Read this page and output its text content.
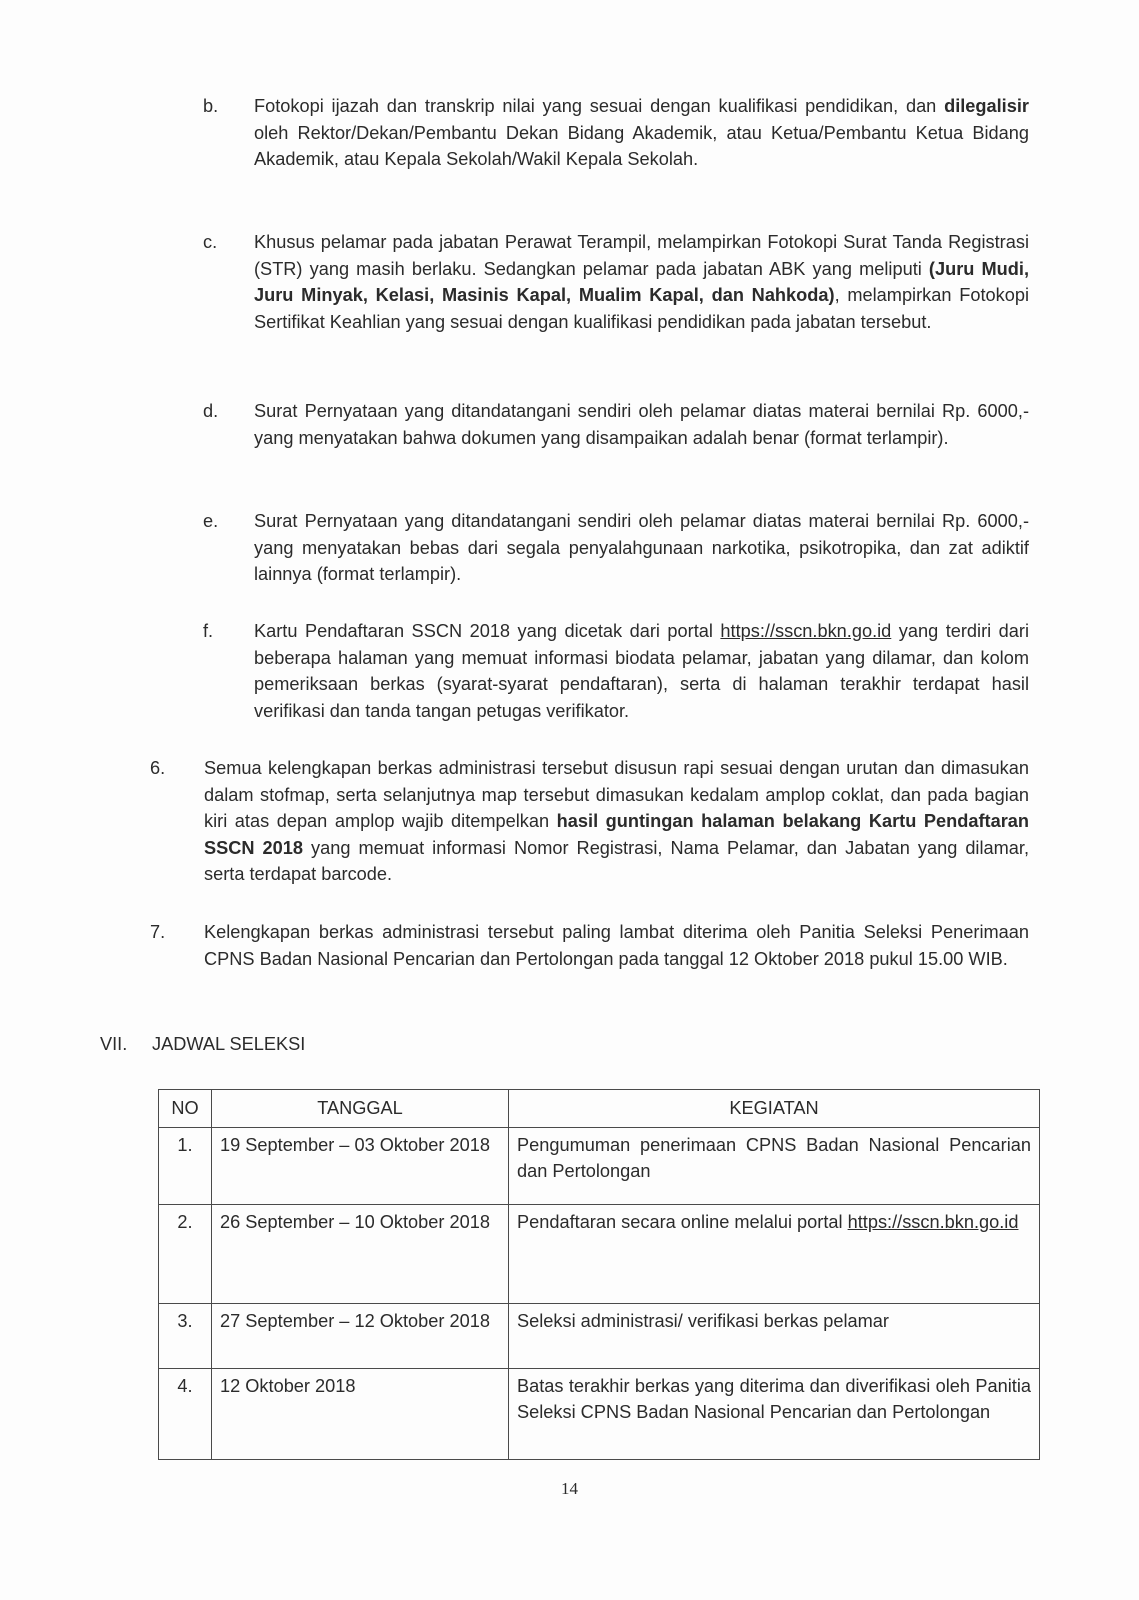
b.	Fotokopi ijazah dan transkrip nilai yang sesuai dengan kualifikasi pendidikan, dan dilegalisir oleh Rektor/Dekan/Pembantu Dekan Bidang Akademik, atau Ketua/Pembantu Ketua Bidang Akademik, atau Kepala Sekolah/Wakil Kepala Sekolah.
c.	Khusus pelamar pada jabatan Perawat Terampil, melampirkan Fotokopi Surat Tanda Registrasi (STR) yang masih berlaku. Sedangkan pelamar pada jabatan ABK yang meliputi (Juru Mudi, Juru Minyak, Kelasi, Masinis Kapal, Mualim Kapal, dan Nahkoda), melampirkan Fotokopi Sertifikat Keahlian yang sesuai dengan kualifikasi pendidikan pada jabatan tersebut.
d.	Surat Pernyataan yang ditandatangani sendiri oleh pelamar diatas materai bernilai Rp. 6000,- yang menyatakan bahwa dokumen yang disampaikan adalah benar (format terlampir).
e.	Surat Pernyataan yang ditandatangani sendiri oleh pelamar diatas materai bernilai Rp. 6000,- yang menyatakan bebas dari segala penyalahgunaan narkotika, psikotropika, dan zat adiktif lainnya (format terlampir).
f.	Kartu Pendaftaran SSCN 2018 yang dicetak dari portal https://sscn.bkn.go.id yang terdiri dari beberapa halaman yang memuat informasi biodata pelamar, jabatan yang dilamar, dan kolom pemeriksaan berkas (syarat-syarat pendaftaran), serta di halaman terakhir terdapat hasil verifikasi dan tanda tangan petugas verifikator.
6.	Semua kelengkapan berkas administrasi tersebut disusun rapi sesuai dengan urutan dan dimasukan dalam stofmap, serta selanjutnya map tersebut dimasukan kedalam amplop coklat, dan pada bagian kiri atas depan amplop wajib ditempelkan hasil guntingan halaman belakang Kartu Pendaftaran SSCN 2018 yang memuat informasi Nomor Registrasi, Nama Pelamar, dan Jabatan yang dilamar, serta terdapat barcode.
7.	Kelengkapan berkas administrasi tersebut paling lambat diterima oleh Panitia Seleksi Penerimaan CPNS Badan Nasional Pencarian dan Pertolongan pada tanggal 12 Oktober 2018 pukul 15.00 WIB.
VII. JADWAL SELEKSI
NO	TANGGAL	KEGIATAN
1.	19 September – 03 Oktober 2018	Pengumuman penerimaan CPNS Badan Nasional Pencarian dan Pertolongan
2.	26 September – 10 Oktober 2018	Pendaftaran secara online melalui portal https://sscn.bkn.go.id
3.	27 September – 12 Oktober 2018	Seleksi administrasi/ verifikasi berkas pelamar
4.	12 Oktober 2018	Batas terakhir berkas yang diterima dan diverifikasi oleh Panitia Seleksi CPNS Badan Nasional Pencarian dan Pertolongan
14
